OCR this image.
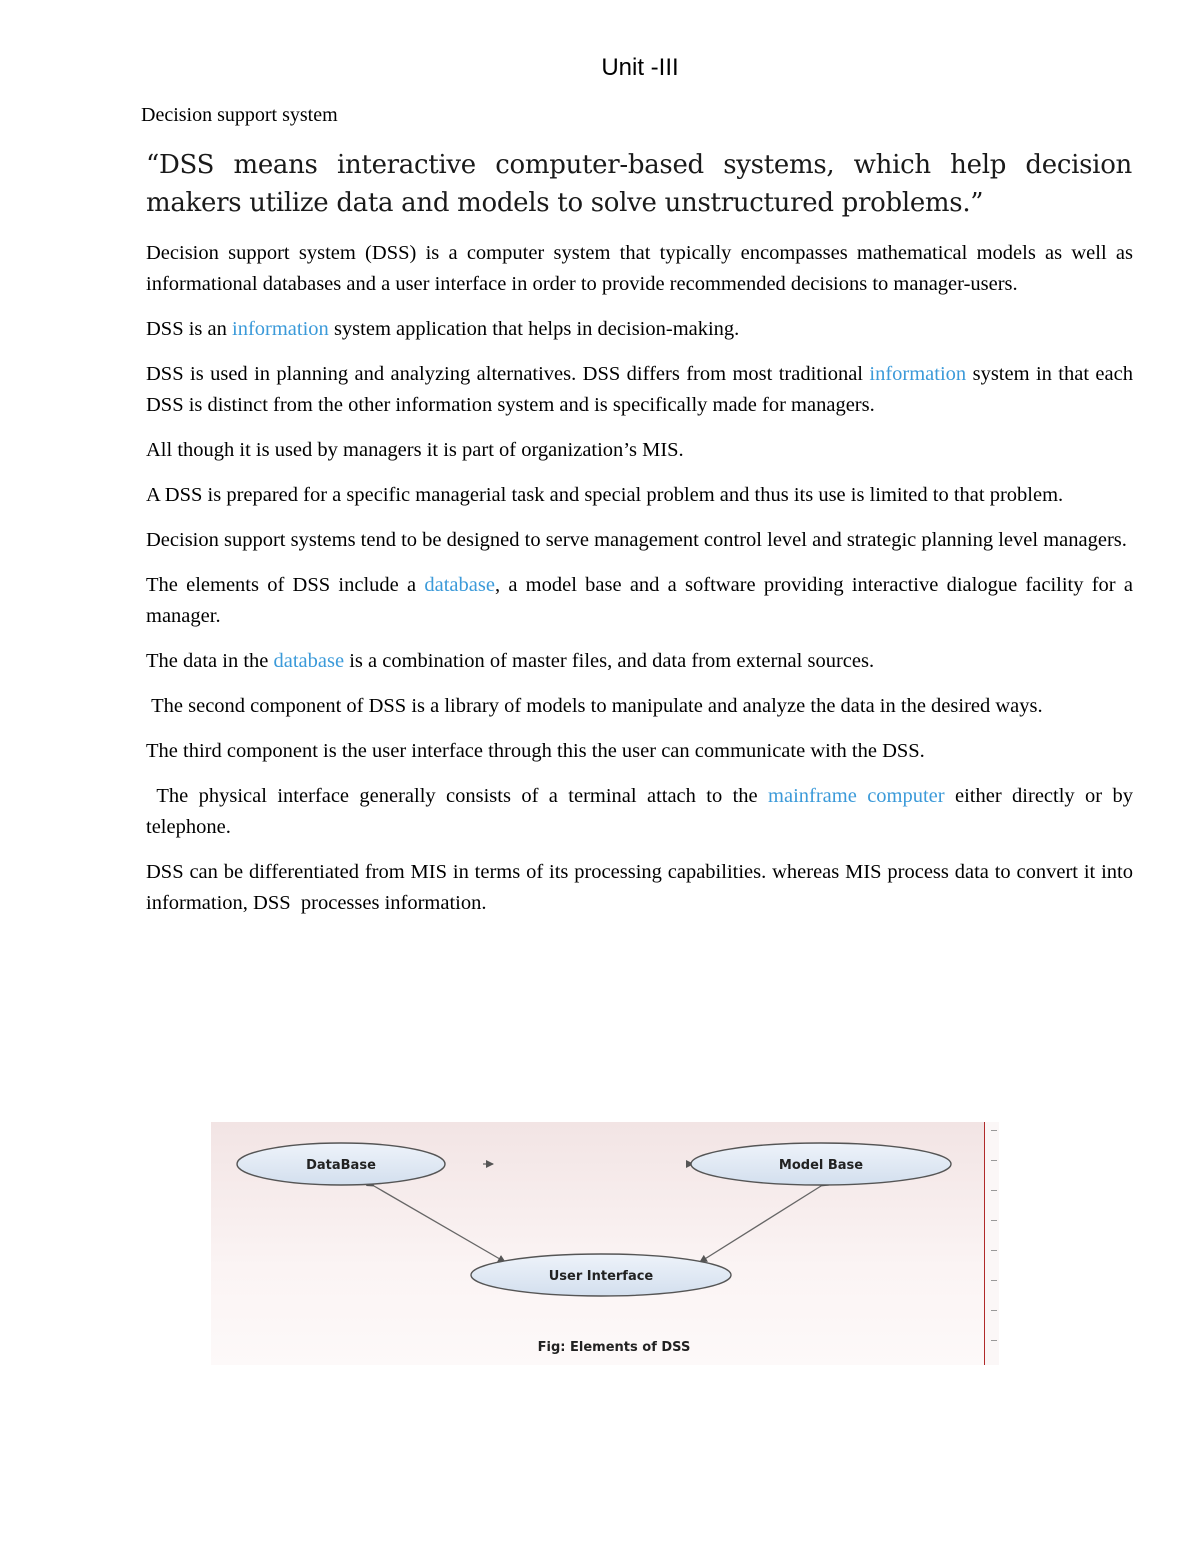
Unit -III
Decision support system
“DSS means interactive computer-based systems, which help decision makers utilize data and models to solve unstructured problems.”

Decision support system (DSS) is a computer system that typically encompasses mathematical models as well as informational databases and a user interface in order to provide recommended decisions to manager-users.

DSS is an information system application that helps in decision-making.

DSS is used in planning and analyzing alternatives. DSS differs from most traditional information system in that each DSS is distinct from the other information system and is specifically made for managers.

All though it is used by managers it is part of organization’s MIS.

A DSS is prepared for a specific managerial task and special problem and thus its use is limited to that problem.

Decision support systems tend to be designed to serve management control level and strategic planning level managers.

The elements of DSS include a database, a model base and a software providing interactive dialogue facility for a manager.

The data in the database is a combination of master files, and data from external sources.

The second component of DSS is a library of models to manipulate and analyze the data in the desired ways.

The third component is the user interface through this the user can communicate with the DSS.

The physical interface generally consists of a terminal attach to the mainframe computer either directly or by telephone.

DSS can be differentiated from MIS in terms of its processing capabilities. whereas MIS process data to convert it into information, DSS  processes information.

DataBase	Model Base
User Interface
Fig: Elements of DSS
